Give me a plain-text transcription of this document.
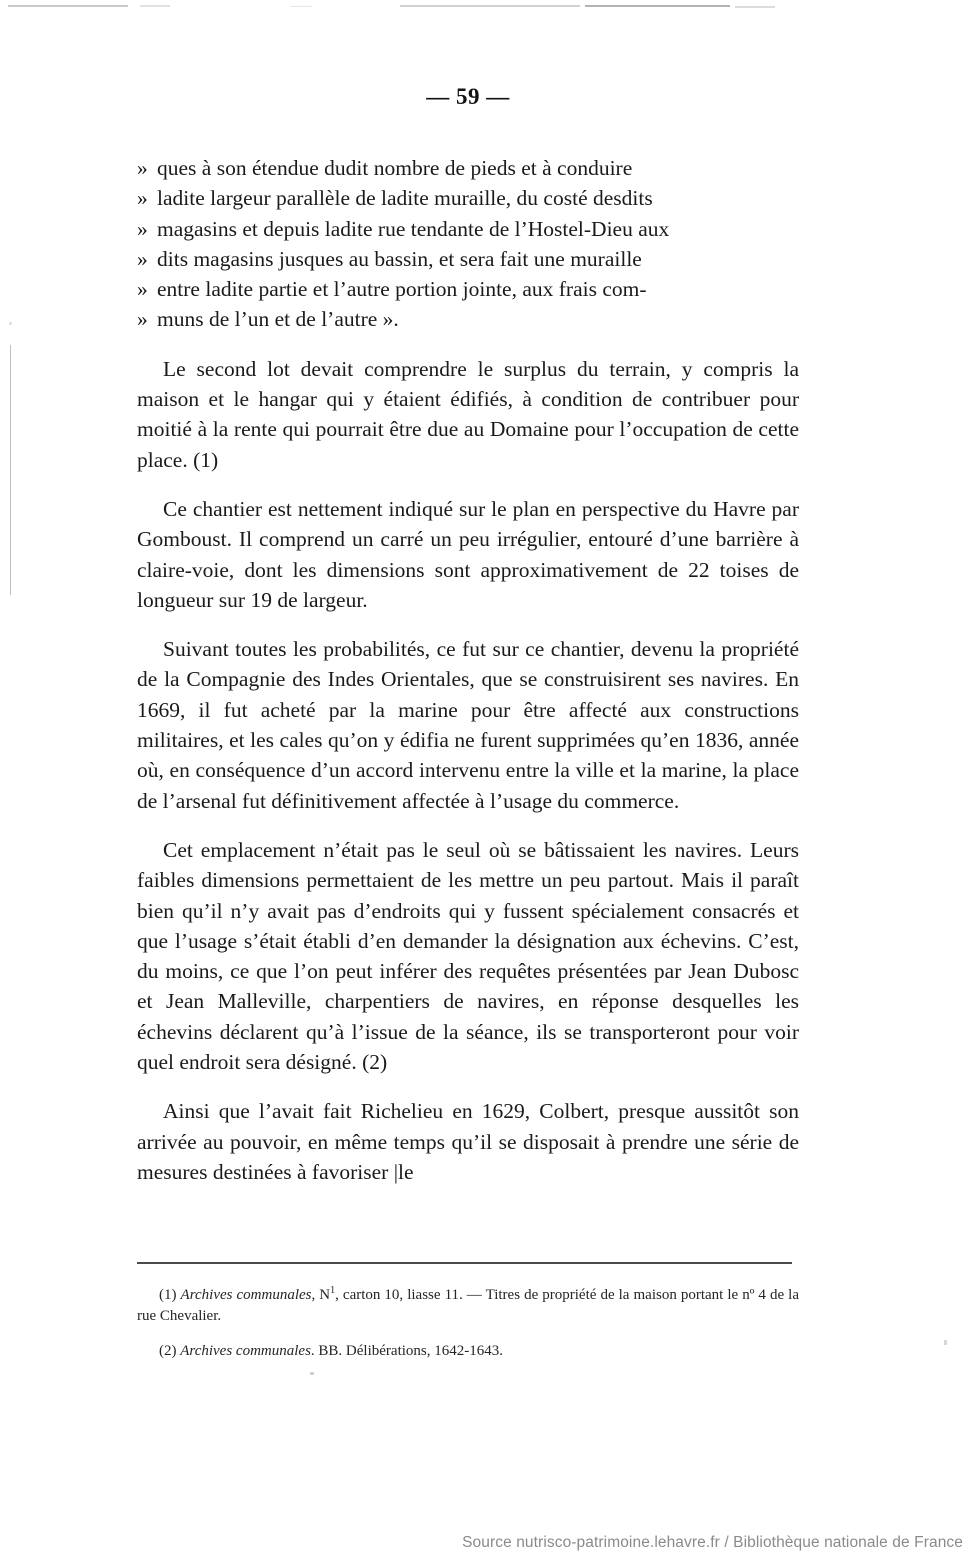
— 59 —
» ques à son étendue dudit nombre de pieds et à conduire
» ladite largeur parallèle de ladite muraille, du costé desdits
» magasins et depuis ladite rue tendante de l’Hostel-Dieu aux
» dits magasins jusques au bassin, et sera fait une muraille
» entre ladite partie et l’autre portion jointe, aux frais com-
» muns de l’un et de l’autre ».

Le second lot devait comprendre le surplus du terrain, y compris la maison et le hangar qui y étaient édifiés, à condition de contribuer pour moitié à la rente qui pourrait être due au Domaine pour l’occupation de cette place. (1)

Ce chantier est nettement indiqué sur le plan en perspective du Havre par Gomboust. Il comprend un carré un peu irrégulier, entouré d’une barrière à claire-voie, dont les dimensions sont approximativement de 22 toises de longueur sur 19 de largeur.

Suivant toutes les probabilités, ce fut sur ce chantier, devenu la propriété de la Compagnie des Indes Orientales, que se construisirent ses navires. En 1669, il fut acheté par la marine pour être affecté aux constructions militaires, et les cales qu’on y édifia ne furent supprimées qu’en 1836, année où, en conséquence d’un accord intervenu entre la ville et la marine, la place de l’arsenal fut définitivement affectée à l’usage du commerce.

Cet emplacement n’était pas le seul où se bâtissaient les navires. Leurs faibles dimensions permettaient de les mettre un peu partout. Mais il paraît bien qu’il n’y avait pas d’endroits qui y fussent spécialement consacrés et que l’usage s’était établi d’en demander la désignation aux échevins. C’est, du moins, ce que l’on peut inférer des requêtes présentées par Jean Dubosc et Jean Malleville, charpentiers de navires, en réponse desquelles les échevins déclarent qu’à l’issue de la séance, ils se transporteront pour voir quel endroit sera désigné. (2)

Ainsi que l’avait fait Richelieu en 1629, Colbert, presque aussitôt son arrivée au pouvoir, en même temps qu’il se disposait à prendre une série de mesures destinées à favoriser |le

(1) Archives communales, $N^1$, carton 10, liasse 11. — Titres de propriété de la maison portant le nº 4 de la rue Chevalier.

(2) Archives communales. BB. Délibérations, 1642-1643.

Source nutrisco-patrimoine.lehavre.fr / Bibliothèque nationale de France
